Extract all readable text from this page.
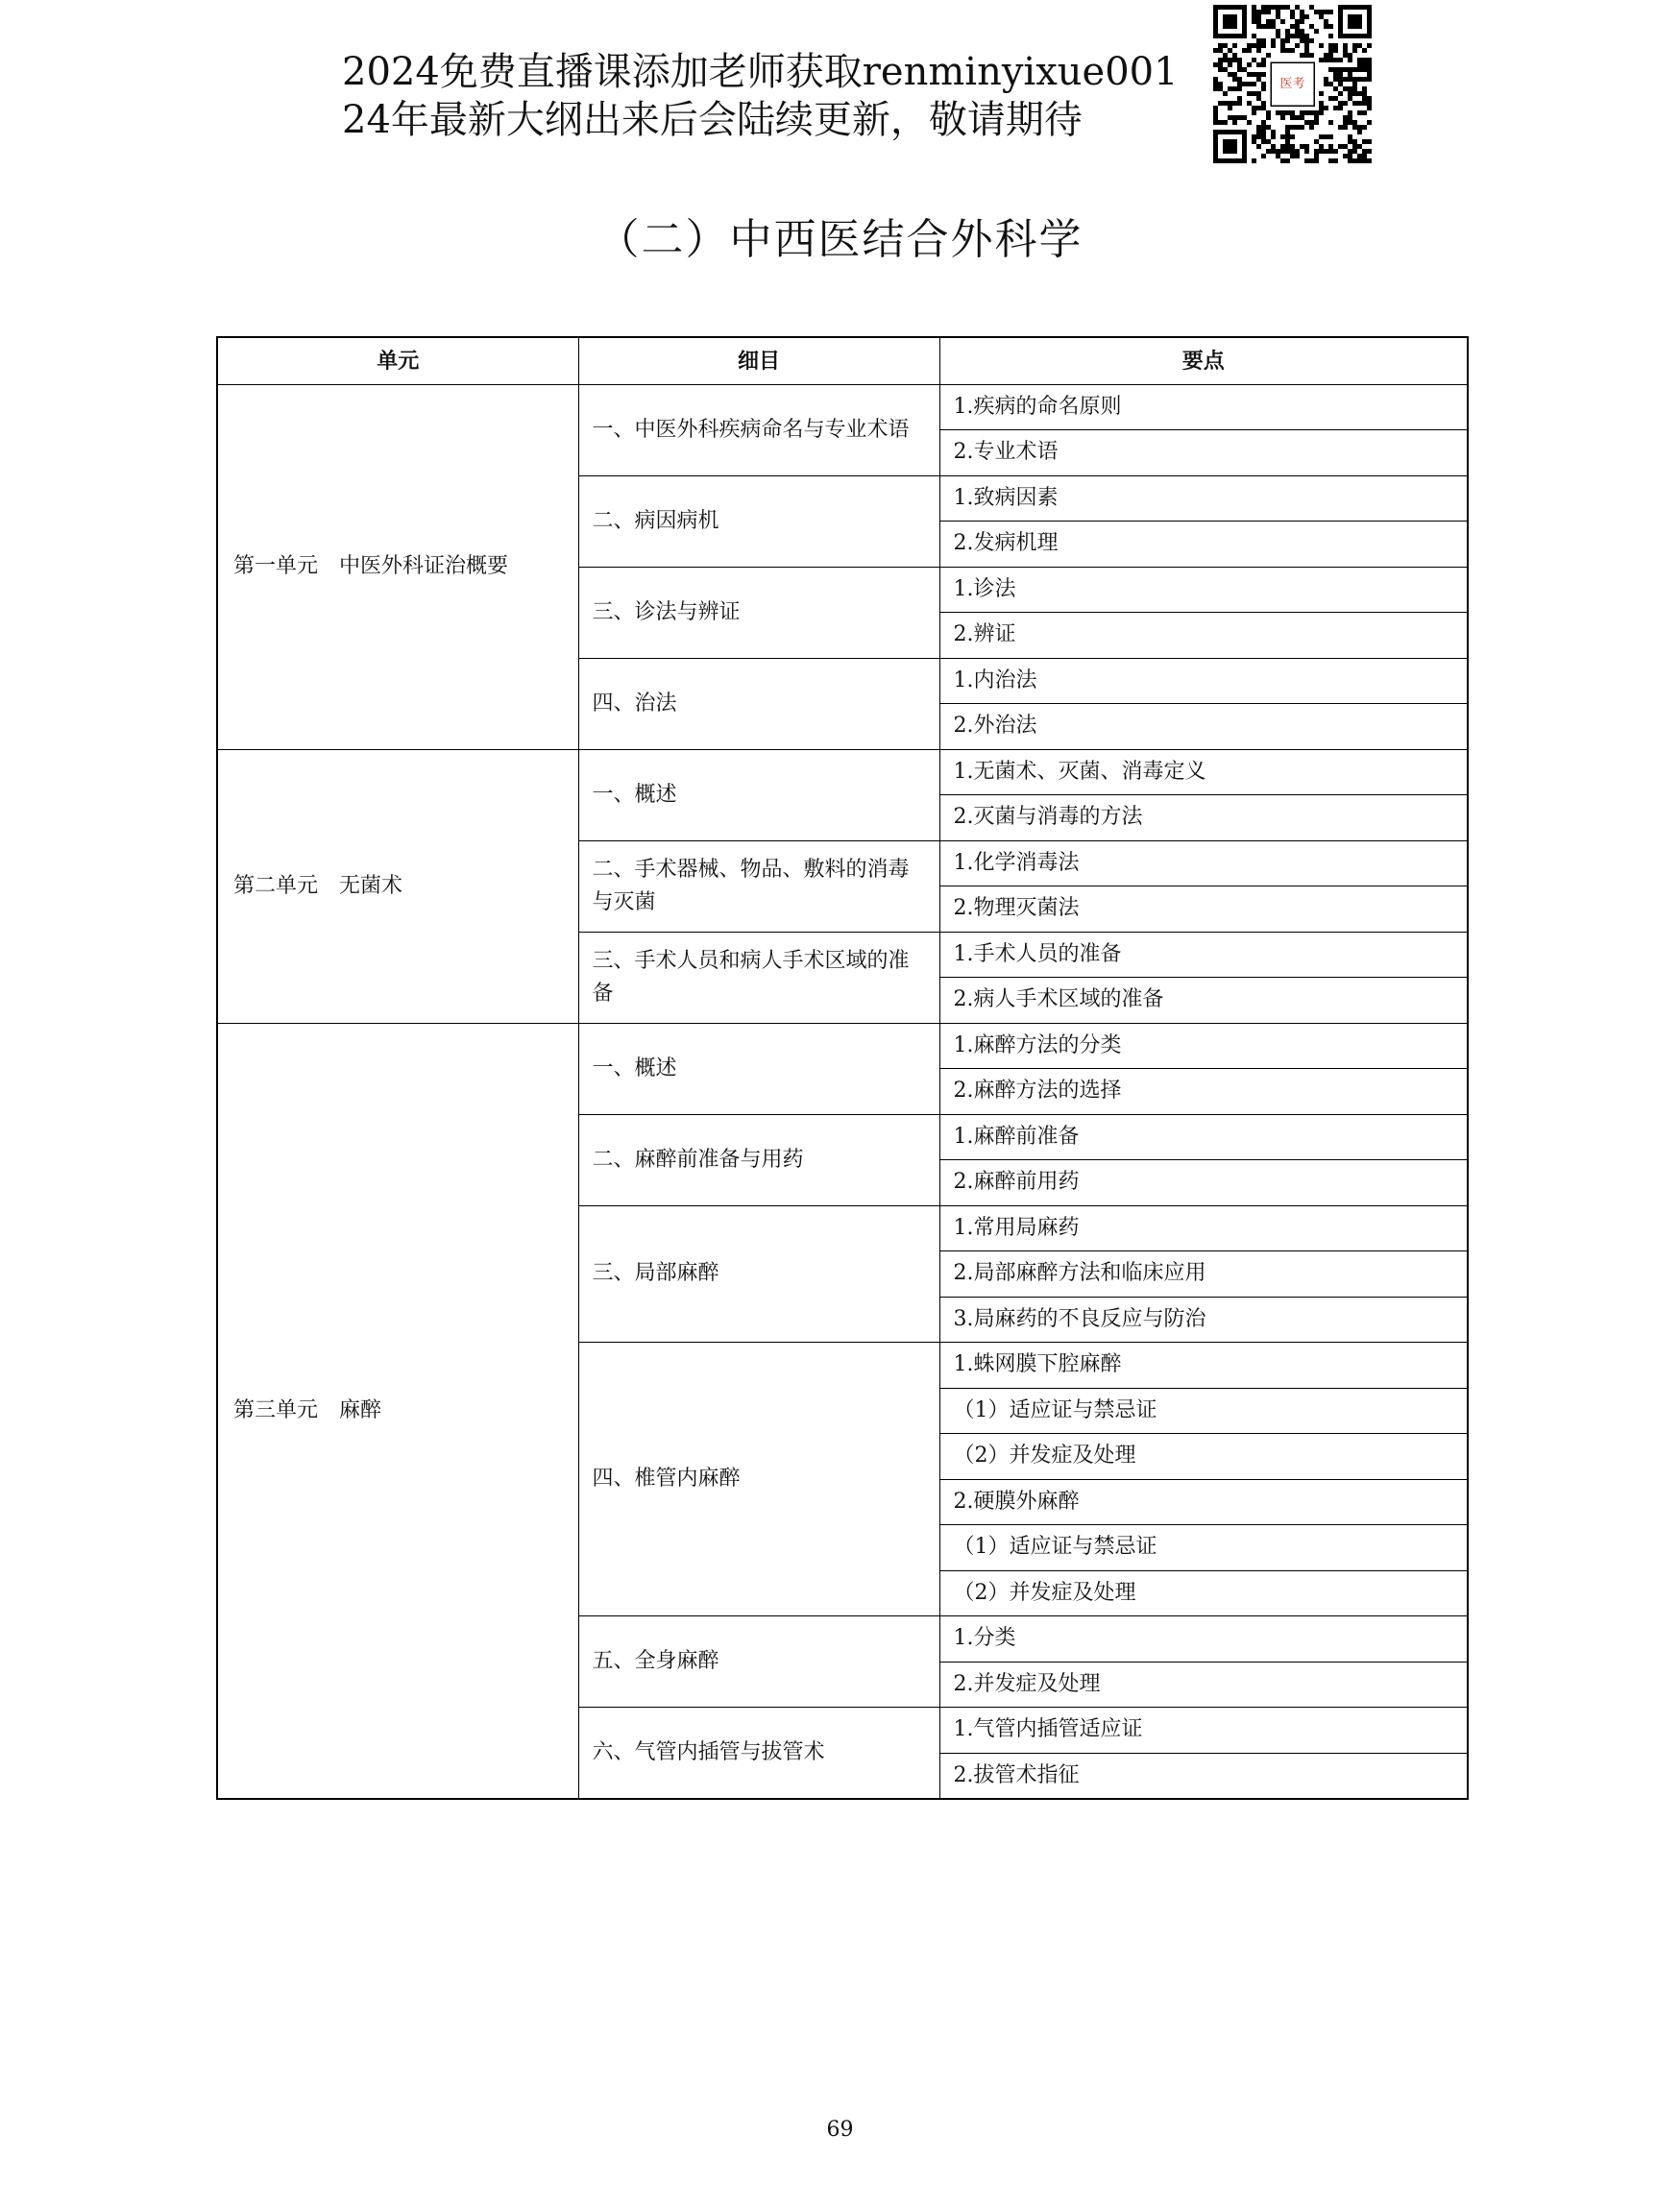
2024免费直播课添加老师获取renminyixue001
24年最新大纲出来后会陆续更新，敬请期待
医考
（二）中西医结合外科学
单元	细目	要点
第一单元　中医外科证治概要	一、中医外科疾病命名与专业术语	1.疾病的命名原则
		2.专业术语
	二、病因病机	1.致病因素
		2.发病机理
	三、诊法与辨证	1.诊法
		2.辨证
	四、治法	1.内治法
		2.外治法
第二单元　无菌术	一、概述	1.无菌术、灭菌、消毒定义
		2.灭菌与消毒的方法
	二、手术器械、物品、敷料的消毒与灭菌	1.化学消毒法
		2.物理灭菌法
	三、手术人员和病人手术区域的准备	1.手术人员的准备
		2.病人手术区域的准备
第三单元　麻醉	一、概述	1.麻醉方法的分类
		2.麻醉方法的选择
	二、麻醉前准备与用药	1.麻醉前准备
		2.麻醉前用药
	三、局部麻醉	1.常用局麻药
		2.局部麻醉方法和临床应用
		3.局麻药的不良反应与防治
	四、椎管内麻醉	1.蛛网膜下腔麻醉
		（1）适应证与禁忌证
		（2）并发症及处理
		2.硬膜外麻醉
		（1）适应证与禁忌证
		（2）并发症及处理
	五、全身麻醉	1.分类
		2.并发症及处理
	六、气管内插管与拔管术	1.气管内插管适应证
		2.拔管术指征
69
